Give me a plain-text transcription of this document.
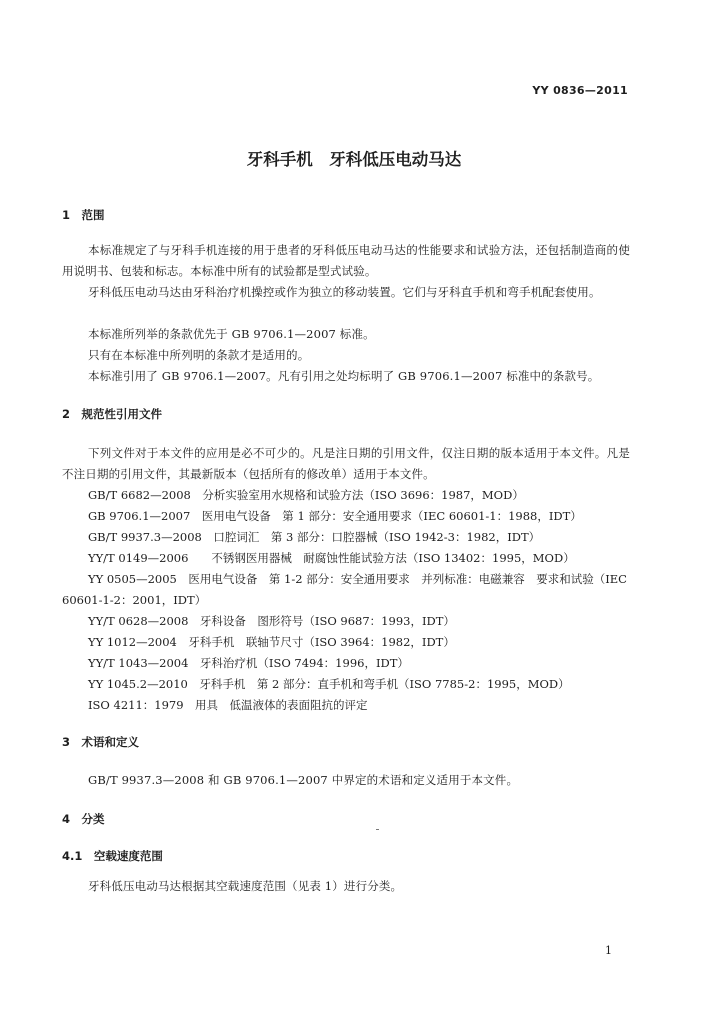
YY 0836—2011
牙科手机　牙科低压电动马达
1　范围
本标准规定了与牙科手机连接的用于患者的牙科低压电动马达的性能要求和试验方法，还包括制造商的使用说明书、包装和标志。本标准中所有的试验都是型式试验。
牙科低压电动马达由牙科治疗机操控或作为独立的移动装置。它们与牙科直手机和弯手机配套使用。
本标准所列举的条款优先于 GB 9706.1—2007 标准。
只有在本标准中所列明的条款才是适用的。
本标准引用了 GB 9706.1—2007。凡有引用之处均标明了 GB 9706.1—2007 标准中的条款号。
2　规范性引用文件
下列文件对于本文件的应用是必不可少的。凡是注日期的引用文件，仅注日期的版本适用于本文件。凡是不注日期的引用文件，其最新版本（包括所有的修改单）适用于本文件。
GB/T 6682—2008　分析实验室用水规格和试验方法（ISO 3696：1987，MOD）
GB 9706.1—2007　医用电气设备　第 1 部分：安全通用要求（IEC 60601-1：1988，IDT）
GB/T 9937.3—2008　口腔词汇　第 3 部分：口腔器械（ISO 1942-3：1982，IDT）
YY/T 0149—2006　　不锈钢医用器械　耐腐蚀性能试验方法（ISO 13402：1995，MOD）
YY 0505—2005　医用电气设备　第 1-2 部分：安全通用要求　并列标准：电磁兼容　要求和试验（IEC 60601-1-2：2001，IDT）
YY/T 0628—2008　牙科设备　图形符号（ISO 9687：1993，IDT）
YY 1012—2004　牙科手机　联轴节尺寸（ISO 3964：1982，IDT）
YY/T 1043—2004　牙科治疗机（ISO 7494：1996，IDT）
YY 1045.2—2010　牙科手机　第 2 部分：直手机和弯手机（ISO 7785-2：1995，MOD）
ISO 4211：1979　用具　低温液体的表面阻抗的评定
3　术语和定义
GB/T 9937.3—2008 和 GB 9706.1—2007 中界定的术语和定义适用于本文件。
4　分类
4.1　空载速度范围
牙科低压电动马达根据其空载速度范围（见表 1）进行分类。
1
